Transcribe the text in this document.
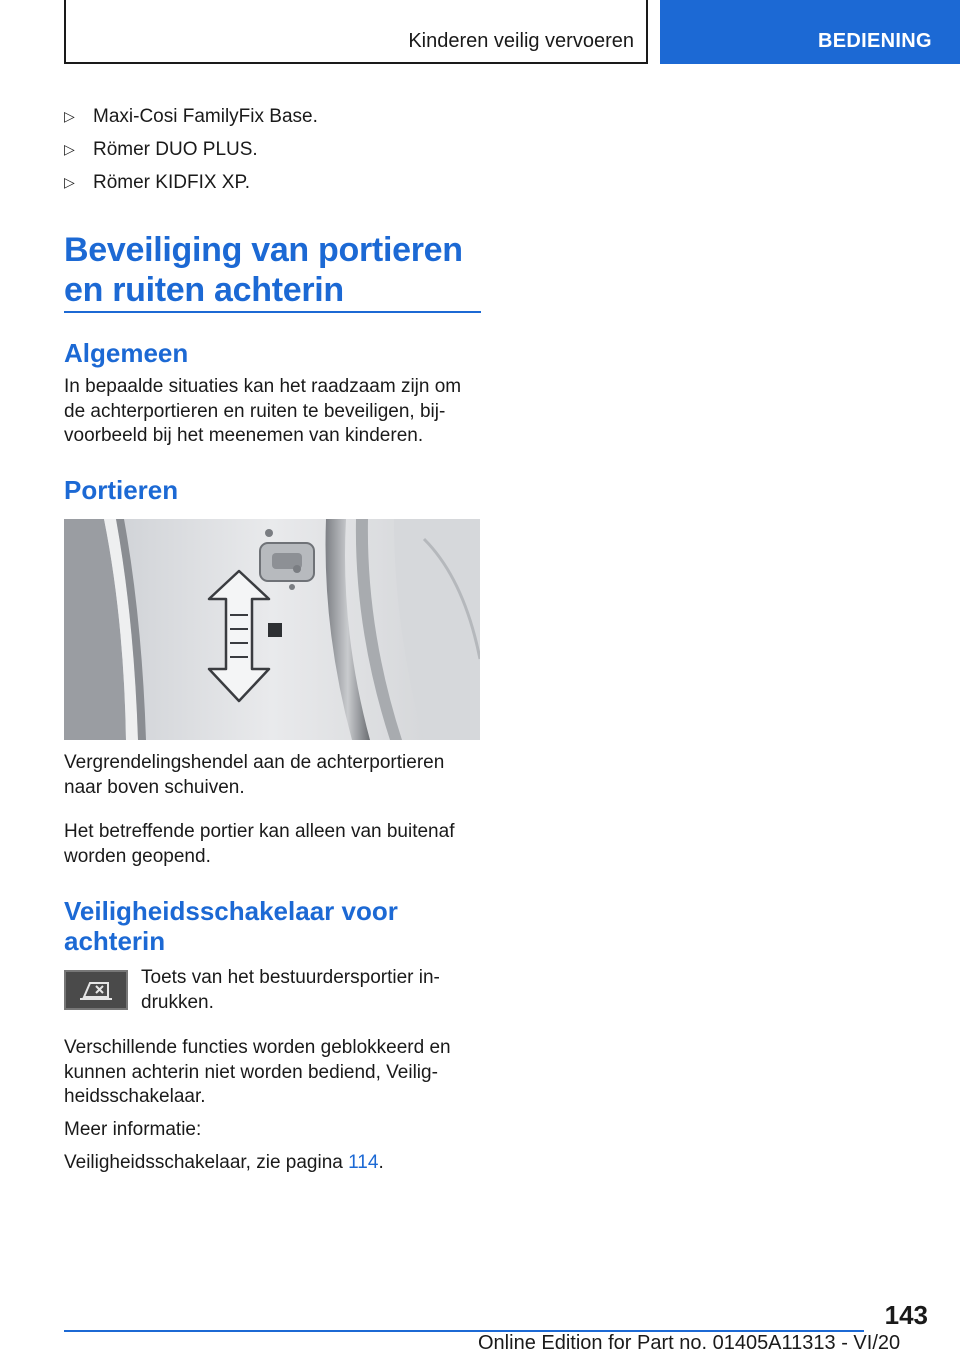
Kinderen veilig vervoeren	BEDIENING
▷ Maxi-Cosi FamilyFix Base.
▷ Römer DUO PLUS.
▷ Römer KIDFIX XP.
Beveiliging van portieren
en ruiten achterin
Algemeen
In bepaalde situaties kan het raadzaam zijn om
de achterportieren en ruiten te beveiligen, bij‐
voorbeeld bij het meenemen van kinderen.
Portieren
Vergrendelingshendel aan de achterportieren
naar boven schuiven.
Het betreffende portier kan alleen van buitenaf
worden geopend.
Veiligheidsschakelaar voor
achterin
Toets van het bestuurdersportier in‐
drukken.
Verschillende functies worden geblokkeerd en
kunnen achterin niet worden bediend, Veilig‐
heidsschakelaar.
Meer informatie:
Veiligheidsschakelaar, zie pagina 114.
143
Online Edition for Part no. 01405A11313 - VI/20
